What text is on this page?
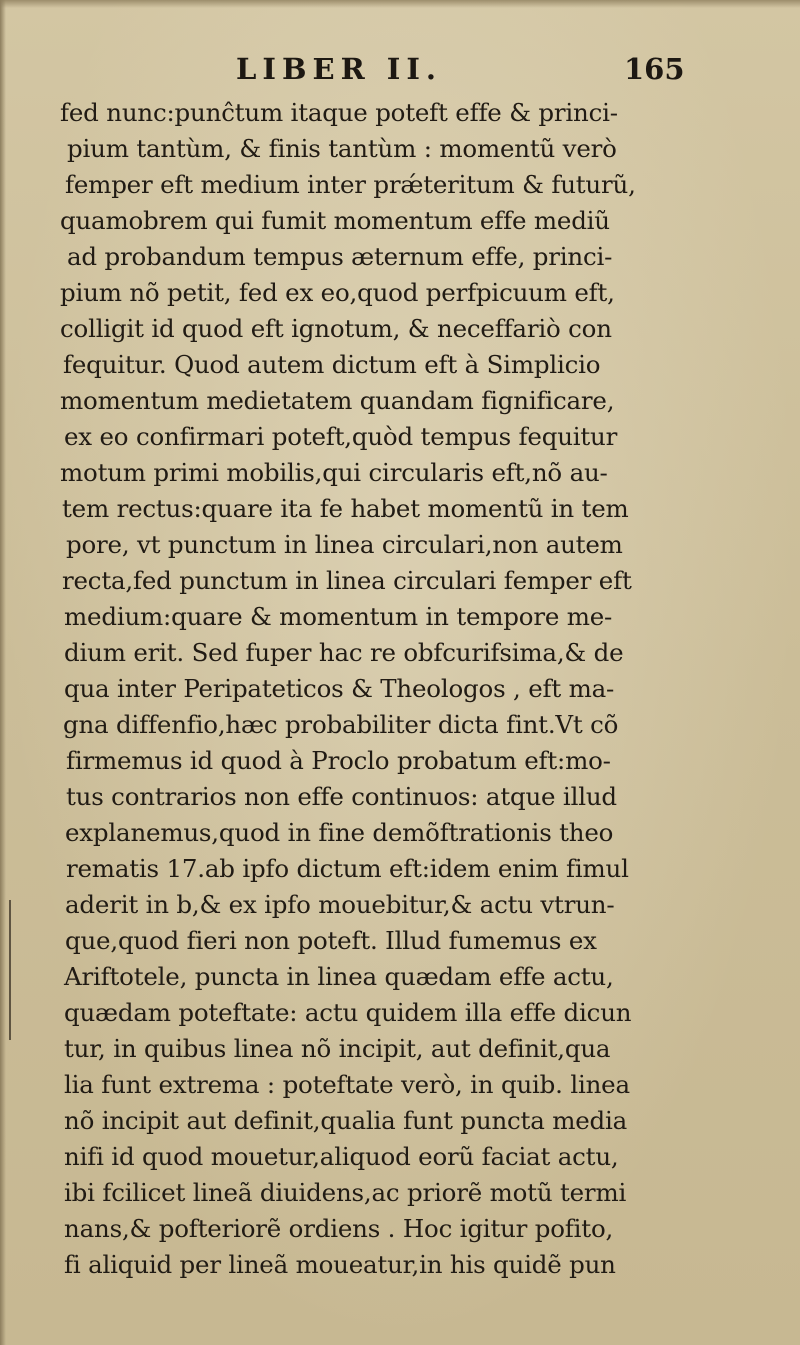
LIBER II.	165
fed nunc:punĉtum itaque poteft effe & princi-
pium tantùm, & finis tantùm : momentũ verò
femper eft medium inter prǽteritum & futurũ,
quamobrem qui fumit momentum effe mediũ
ad probandum tempus æternum effe, princi-
pium nõ petit, fed ex eo,quod perfpicuum eft,
colligit id quod eft ignotum, & neceffariò con
fequitur. Quod autem dictum eft à Simplicio
momentum medietatem quandam fignificare,
ex eo confirmari poteft,quòd tempus fequitur
motum primi mobilis,qui circularis eft,nõ au-
tem rectus:quare ita fe habet momentũ in tem
pore, vt punctum in linea circulari,non autem
recta,fed punctum in linea circulari femper eft
medium:quare & momentum in tempore me-
dium erit. Sed fuper hac re obfcurifsima,& de
qua inter Peripateticos & Theologos , eft ma-
gna diffenfio,hæc probabiliter dicta fint.Vt cõ
firmemus id quod à Proclo probatum eft:mo-
tus contrarios non effe continuos: atque illud
explanemus,quod in fine demõftrationis theo
rematis 17.ab ipfo dictum eft:idem enim fimul
aderit in b,& ex ipfo mouebitur,& actu vtrun-
que,quod fieri non poteft. Illud fumemus ex
Ariftotele, puncta in linea quædam effe actu,
quædam poteftate: actu quidem illa effe dicun
tur, in quibus linea nõ incipit, aut definit,qua
lia funt extrema : poteftate verò, in quib. linea
nõ incipit aut definit,qualia funt puncta media
nifi id quod mouetur,aliquod eorũ faciat actu,
ibi fcilicet lineã diuidens,ac priorẽ motũ termi
nans,& pofteriorẽ ordiens . Hoc igitur pofito,
fi aliquid per lineã moueatur,in his quidẽ pun
